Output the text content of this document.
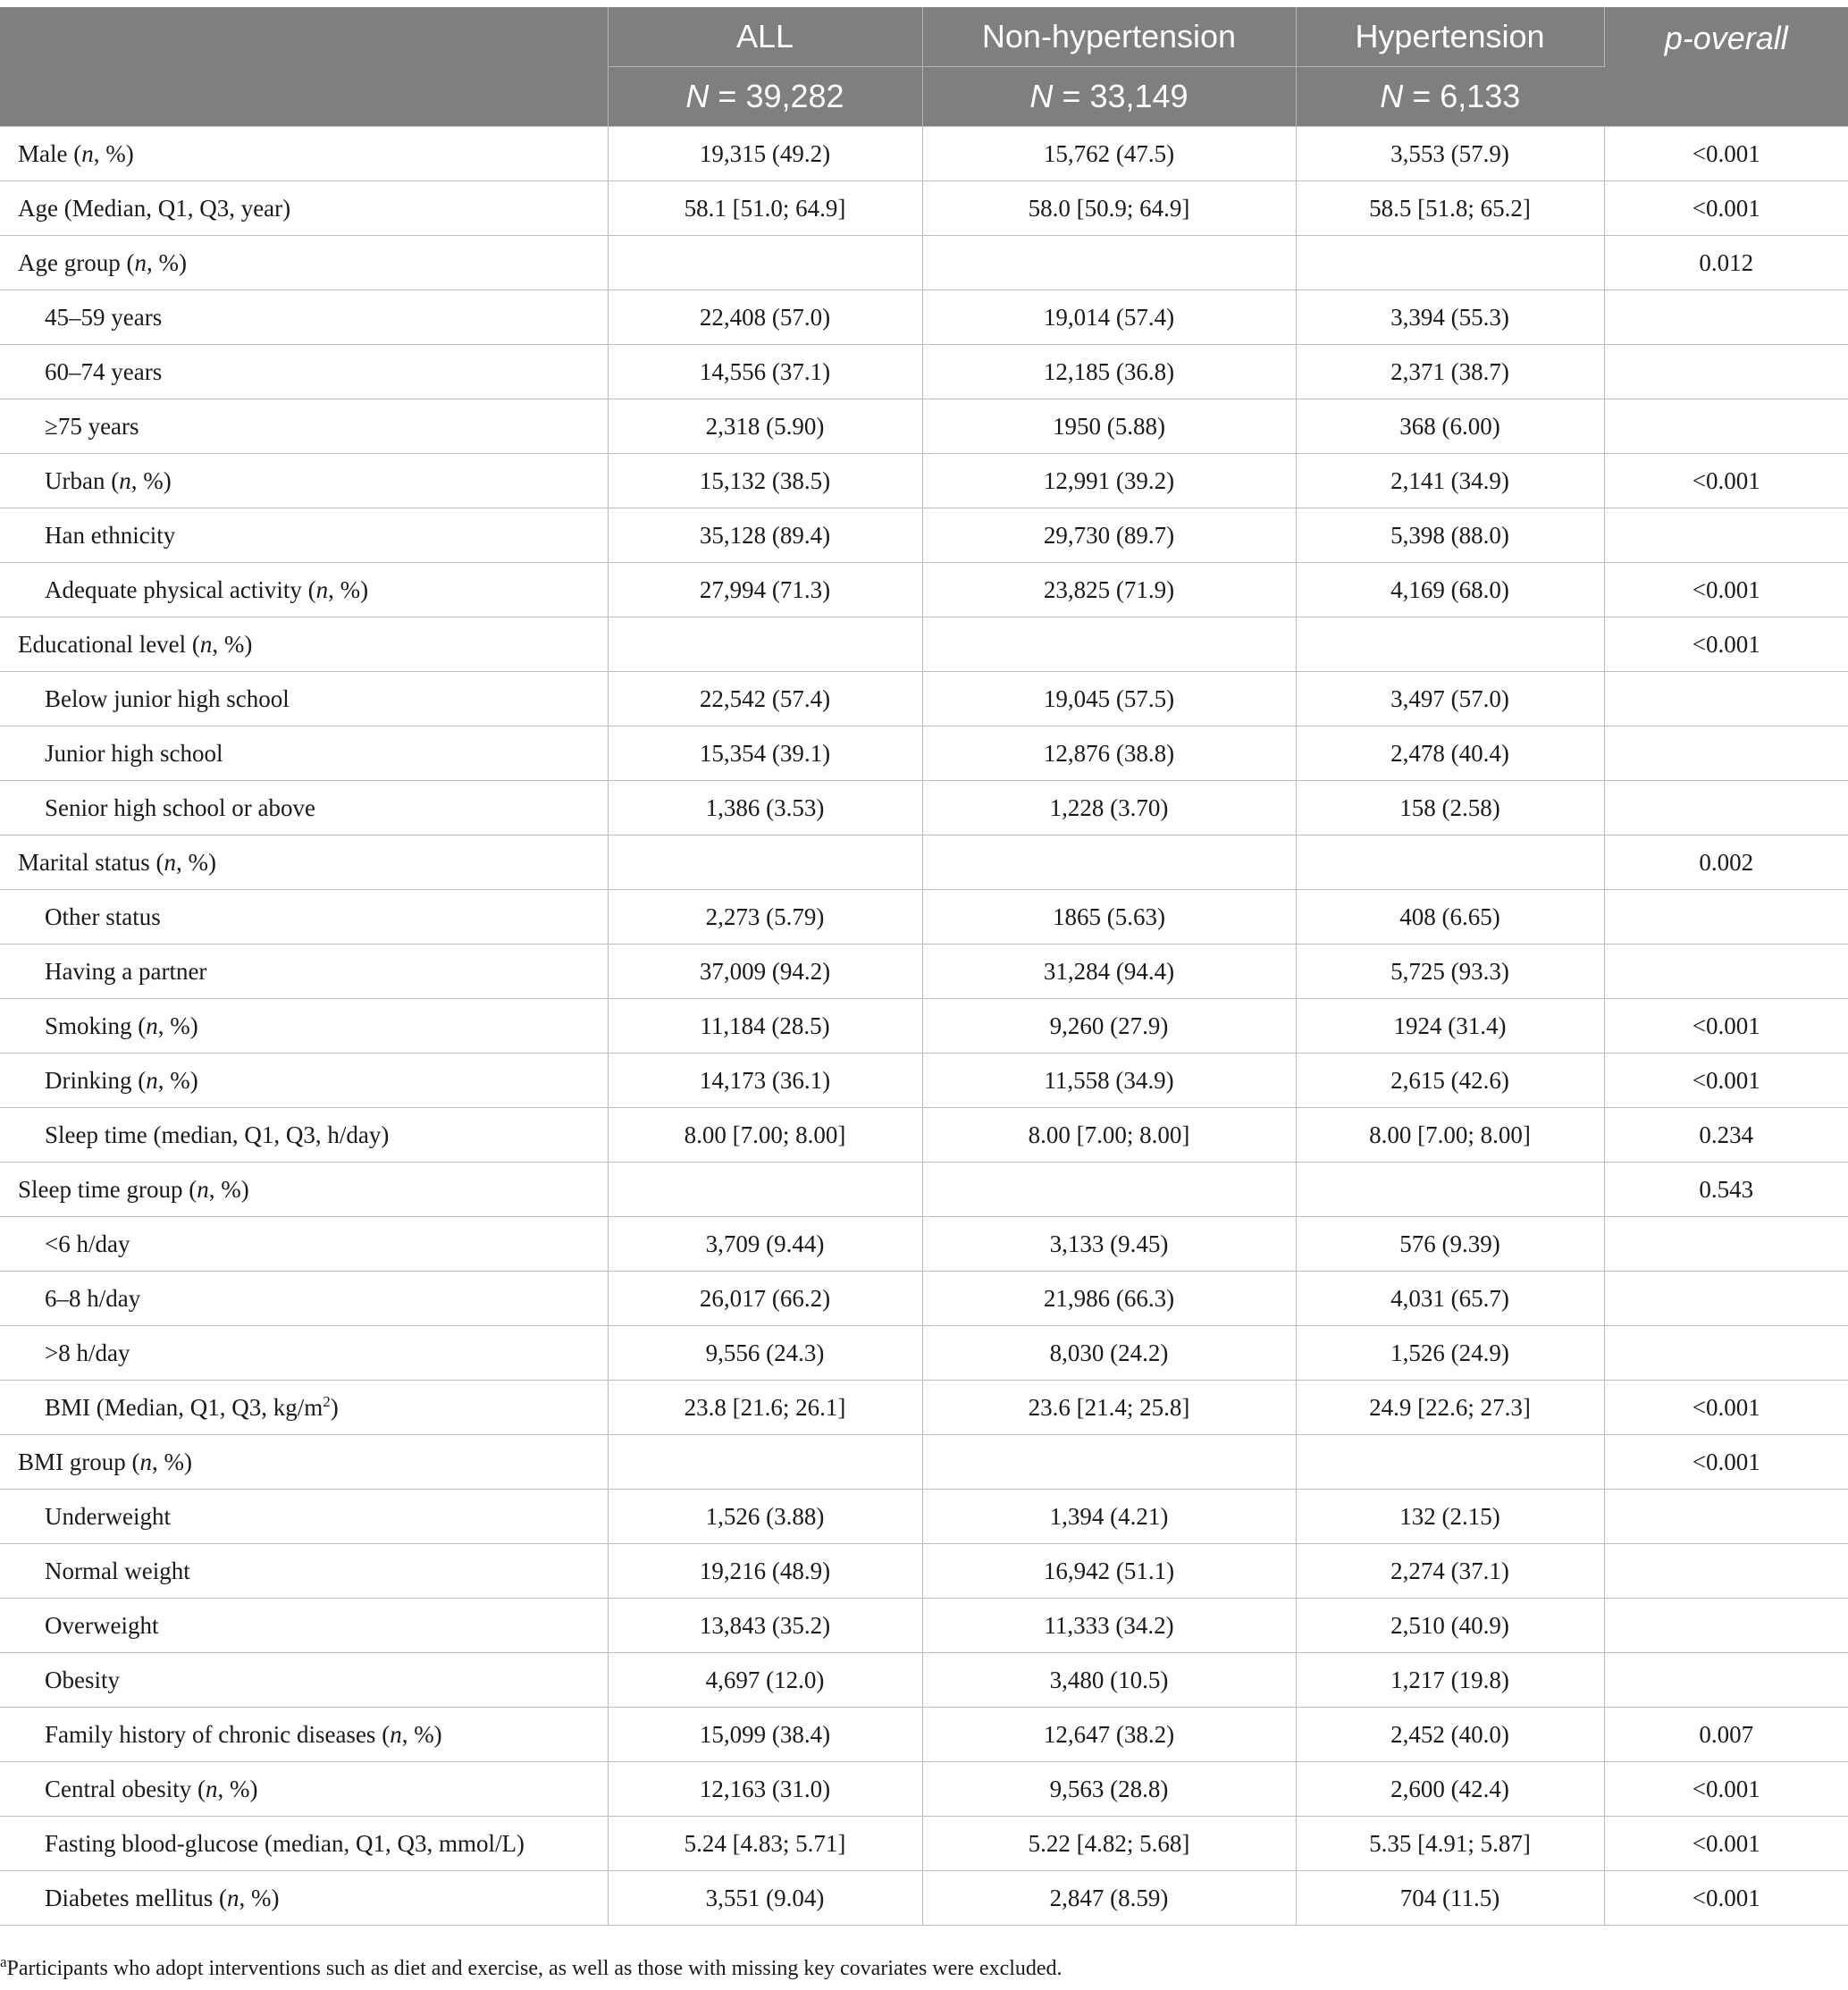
	ALL	Non-hypertension	Hypertension	p-overall
	N = 39,282	N = 33,149	N = 6,133	
Male (n, %)	19,315 (49.2)	15,762 (47.5)	3,553 (57.9)	<0.001
Age (Median, Q1, Q3, year)	58.1 [51.0; 64.9]	58.0 [50.9; 64.9]	58.5 [51.8; 65.2]	<0.001
Age group (n, %)				0.012
45–59 years	22,408 (57.0)	19,014 (57.4)	3,394 (55.3)	
60–74 years	14,556 (37.1)	12,185 (36.8)	2,371 (38.7)	
≥75 years	2,318 (5.90)	1950 (5.88)	368 (6.00)	
Urban (n, %)	15,132 (38.5)	12,991 (39.2)	2,141 (34.9)	<0.001
Han ethnicity	35,128 (89.4)	29,730 (89.7)	5,398 (88.0)	
Adequate physical activity (n, %)	27,994 (71.3)	23,825 (71.9)	4,169 (68.0)	<0.001
Educational level (n, %)				<0.001
Below junior high school	22,542 (57.4)	19,045 (57.5)	3,497 (57.0)	
Junior high school	15,354 (39.1)	12,876 (38.8)	2,478 (40.4)	
Senior high school or above	1,386 (3.53)	1,228 (3.70)	158 (2.58)	
Marital status (n, %)				0.002
Other status	2,273 (5.79)	1865 (5.63)	408 (6.65)	
Having a partner	37,009 (94.2)	31,284 (94.4)	5,725 (93.3)	
Smoking (n, %)	11,184 (28.5)	9,260 (27.9)	1924 (31.4)	<0.001
Drinking (n, %)	14,173 (36.1)	11,558 (34.9)	2,615 (42.6)	<0.001
Sleep time (median, Q1, Q3, h/day)	8.00 [7.00; 8.00]	8.00 [7.00; 8.00]	8.00 [7.00; 8.00]	0.234
Sleep time group (n, %)				0.543
<6 h/day	3,709 (9.44)	3,133 (9.45)	576 (9.39)	
6–8 h/day	26,017 (66.2)	21,986 (66.3)	4,031 (65.7)	
>8 h/day	9,556 (24.3)	8,030 (24.2)	1,526 (24.9)	
BMI (Median, Q1, Q3, $kg/m^2$)	23.8 [21.6; 26.1]	23.6 [21.4; 25.8]	24.9 [22.6; 27.3]	<0.001
BMI group (n, %)				<0.001
Underweight	1,526 (3.88)	1,394 (4.21)	132 (2.15)	
Normal weight	19,216 (48.9)	16,942 (51.1)	2,274 (37.1)	
Overweight	13,843 (35.2)	11,333 (34.2)	2,510 (40.9)	
Obesity	4,697 (12.0)	3,480 (10.5)	1,217 (19.8)	
Family history of chronic diseases (n, %)	15,099 (38.4)	12,647 (38.2)	2,452 (40.0)	0.007
Central obesity (n, %)	12,163 (31.0)	9,563 (28.8)	2,600 (42.4)	<0.001
Fasting blood-glucose (median, Q1, Q3, mmol/L)	5.24 [4.83; 5.71]	5.22 [4.82; 5.68]	5.35 [4.91; 5.87]	<0.001
Diabetes mellitus (n, %)	3,551 (9.04)	2,847 (8.59)	704 (11.5)	<0.001
$^a$Participants who adopt interventions such as diet and exercise, as well as those with missing key covariates were excluded.
